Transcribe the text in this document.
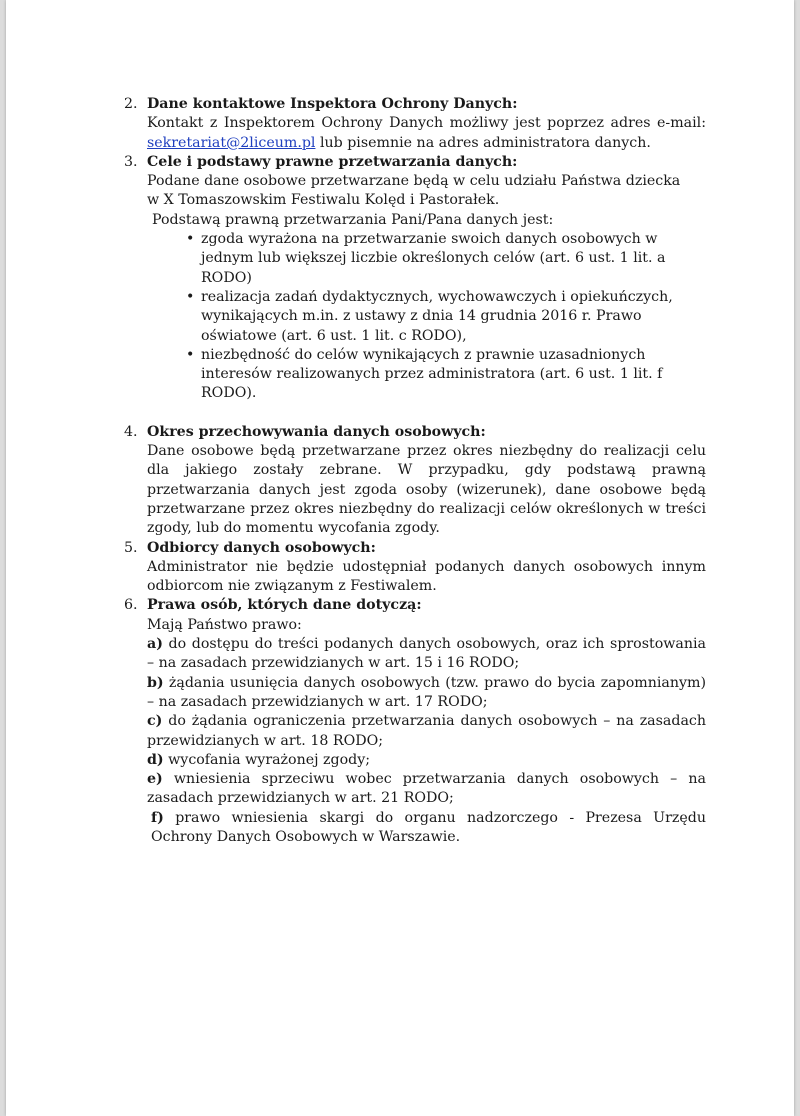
2. Dane kontaktowe Inspektora Ochrony Danych:
Kontakt z Inspektorem Ochrony Danych możliwy jest poprzez adres e-mail:
sekretariat@2liceum.pl lub pisemnie na adres administratora danych.
3. Cele i podstawy prawne przetwarzania danych:
Podane dane osobowe przetwarzane będą w celu udziału Państwa dziecka w X Tomaszowskim Festiwalu Kolęd i Pastorałek.
Podstawą prawną przetwarzania Pani/Pana danych jest:
• zgoda wyrażona na przetwarzanie swoich danych osobowych w jednym lub większej liczbie określonych celów (art. 6 ust. 1 lit. a RODO)
• realizacja zadań dydaktycznych, wychowawczych i opiekuńczych, wynikających m.in. z ustawy z dnia 14 grudnia 2016 r. Prawo oświatowe (art. 6 ust. 1 lit. c RODO),
• niezbędność do celów wynikających z prawnie uzasadnionych interesów realizowanych przez administratora (art. 6 ust. 1 lit. f RODO).
4. Okres przechowywania danych osobowych:
Dane osobowe będą przetwarzane przez okres niezbędny do realizacji celu dla jakiego zostały zebrane. W przypadku, gdy podstawą prawną przetwarzania danych jest zgoda osoby (wizerunek), dane osobowe będą przetwarzane przez okres niezbędny do realizacji celów określonych w treści zgody, lub do momentu wycofania zgody.
5. Odbiorcy danych osobowych:
Administrator nie będzie udostępniał podanych danych osobowych innym odbiorcom nie związanym z Festiwalem.
6. Prawa osób, których dane dotyczą:
Mają Państwo prawo:
a) do dostępu do treści podanych danych osobowych, oraz ich sprostowania – na zasadach przewidzianych w art. 15 i 16 RODO;
b) żądania usunięcia danych osobowych (tzw. prawo do bycia zapomnianym) – na zasadach przewidzianych w art. 17 RODO;
c) do żądania ograniczenia przetwarzania danych osobowych – na zasadach przewidzianych w art. 18 RODO;
d) wycofania wyrażonej zgody;
e) wniesienia sprzeciwu wobec przetwarzania danych osobowych – na zasadach przewidzianych w art. 21 RODO;
f) prawo wniesienia skargi do organu nadzorczego - Prezesa Urzędu Ochrony Danych Osobowych w Warszawie.
